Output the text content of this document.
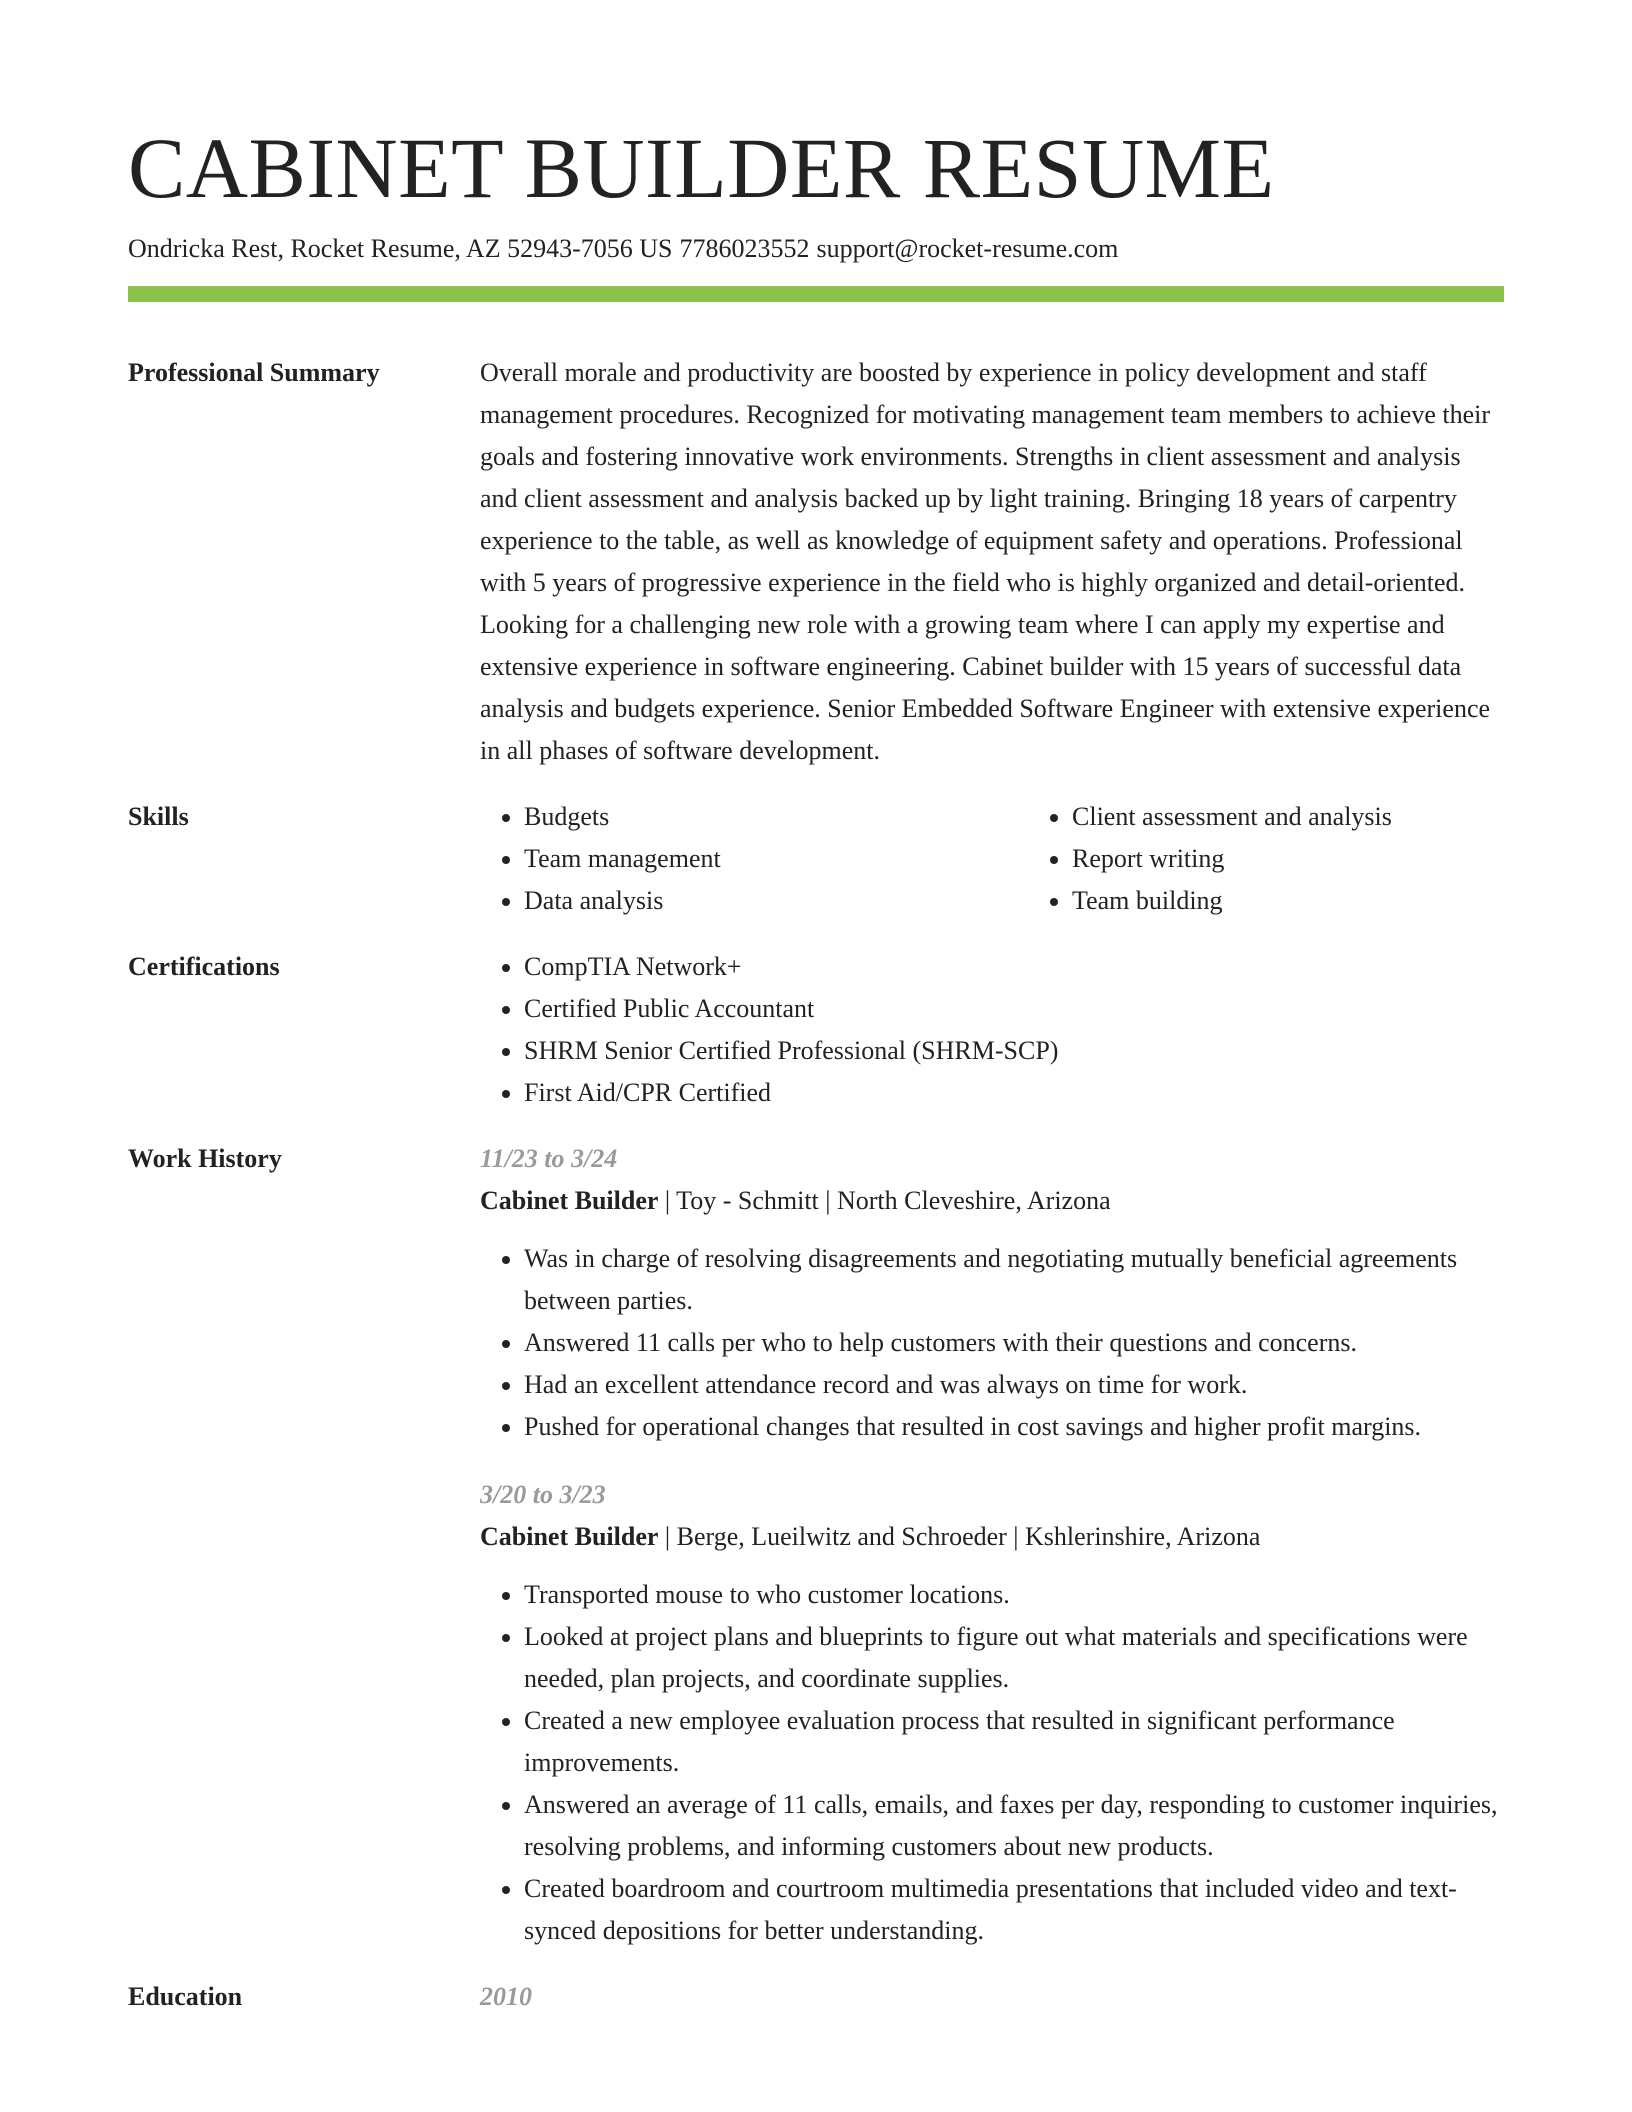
CABINET BUILDER RESUME
Ondricka Rest, Rocket Resume, AZ 52943-7056 US 7786023552 support@rocket-resume.com
Professional Summary	Overall morale and productivity are boosted by experience in policy development and staff management procedures. Recognized for motivating management team members to achieve their goals and fostering innovative work environments. Strengths in client assessment and analysis and client assessment and analysis backed up by light training. Bringing 18 years of carpentry experience to the table, as well as knowledge of equipment safety and operations. Professional with 5 years of progressive experience in the field who is highly organized and detail-oriented. Looking for a challenging new role with a growing team where I can apply my expertise and extensive experience in software engineering. Cabinet builder with 15 years of successful data analysis and budgets experience. Senior Embedded Software Engineer with extensive experience in all phases of software development.

Skills	• Budgets
• Team management
• Data analysis
• Client assessment and analysis
• Report writing
• Team building
Certifications	• CompTIA Network+
• Certified Public Accountant
• SHRM Senior Certified Professional (SHRM-SCP)
• First Aid/CPR Certified
Work History	11/23 to 3/24
Cabinet Builder | Toy - Schmitt | North Cleveshire, Arizona
• Was in charge of resolving disagreements and negotiating mutually beneficial agreements between parties.
• Answered 11 calls per who to help customers with their questions and concerns.
• Had an excellent attendance record and was always on time for work.
• Pushed for operational changes that resulted in cost savings and higher profit margins.
3/20 to 3/23
Cabinet Builder | Berge, Lueilwitz and Schroeder | Kshlerinshire, Arizona
• Transported mouse to who customer locations.
• Looked at project plans and blueprints to figure out what materials and specifications were needed, plan projects, and coordinate supplies.
• Created a new employee evaluation process that resulted in significant performance improvements.
• Answered an average of 11 calls, emails, and faxes per day, responding to customer inquiries, resolving problems, and informing customers about new products.
• Created boardroom and courtroom multimedia presentations that included video and text-synced depositions for better understanding.
Education	2010
